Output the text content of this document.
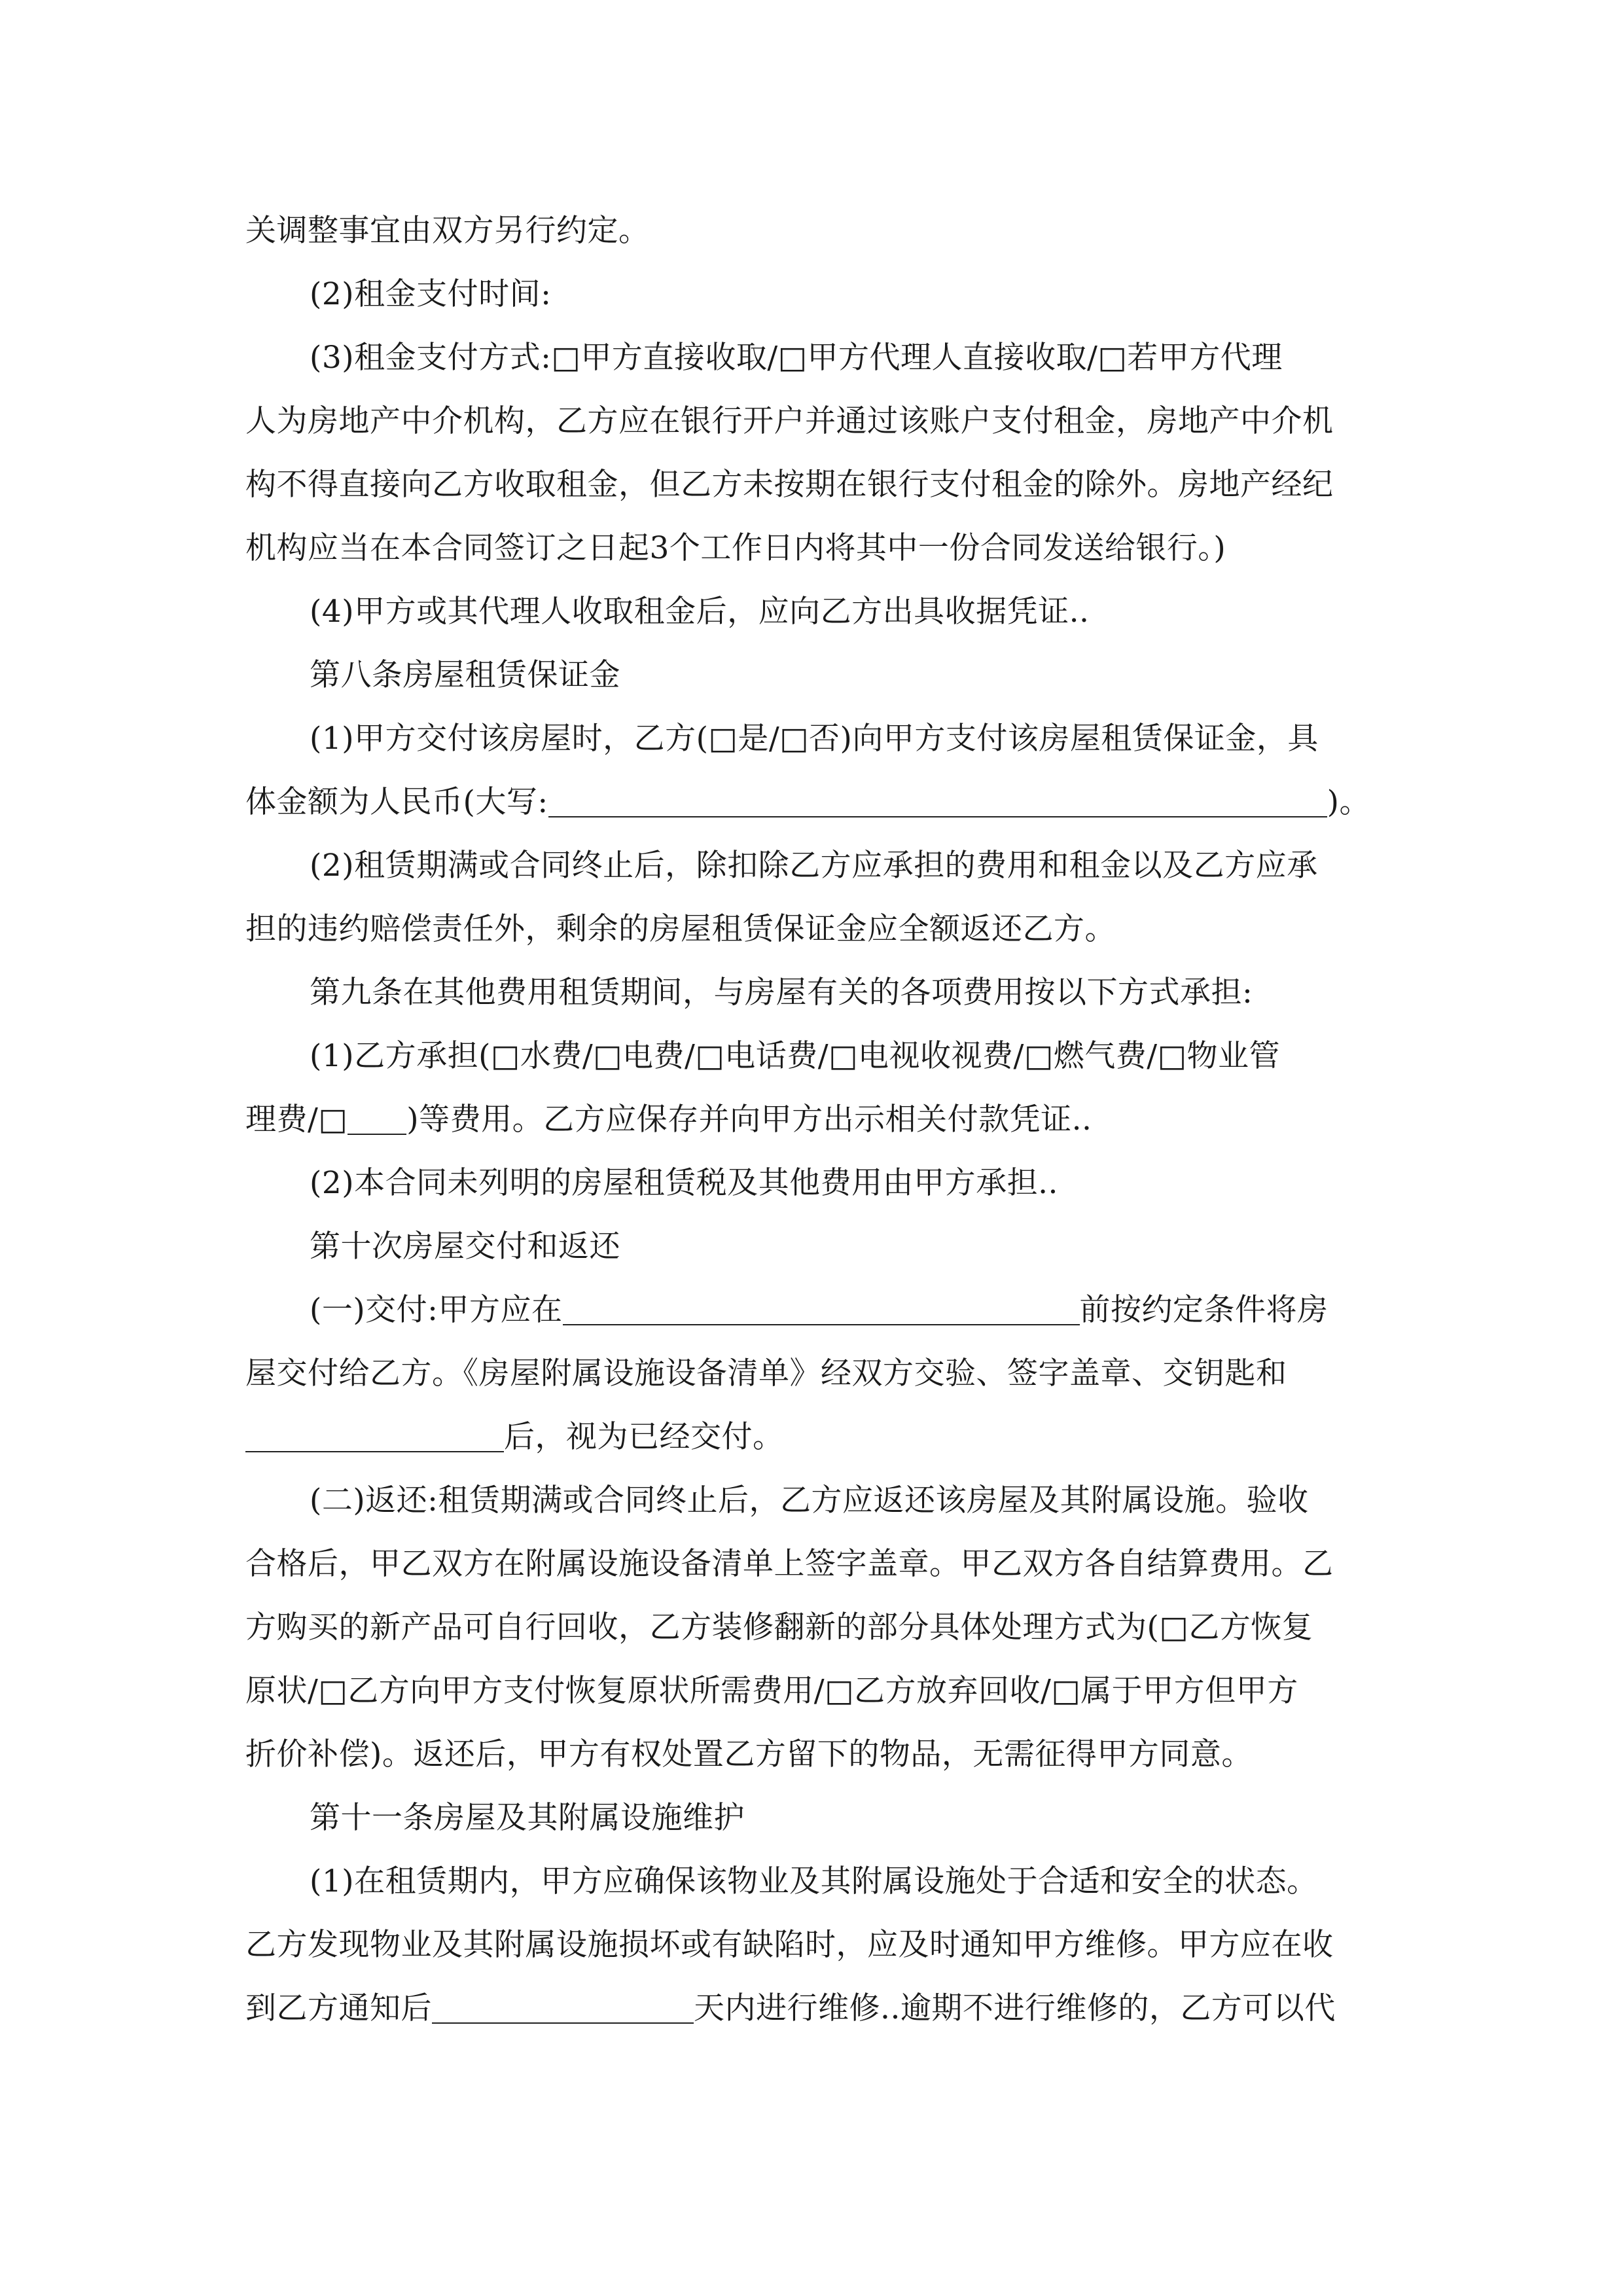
关调整事宜由双方另行约定。
(2)租金支付时间:
(3)租金支付方式:□甲方直接收取/□甲方代理人直接收取/□若甲方代理
人为房地产中介机构，乙方应在银行开户并通过该账户支付租金，房地产中介机
构不得直接向乙方收取租金，但乙方未按期在银行支付租金的除外。房地产经纪
机构应当在本合同签订之日起3个工作日内将其中一份合同发送给银行。)
(4)甲方或其代理人收取租金后，应向乙方出具收据凭证..
第八条房屋租赁保证金
(1)甲方交付该房屋时，乙方(□是/□否)向甲方支付该房屋租赁保证金，具
体金额为人民币(大写:	)。
(2)租赁期满或合同终止后，除扣除乙方应承担的费用和租金以及乙方应承
担的违约赔偿责任外，剩余的房屋租赁保证金应全额返还乙方。
第九条在其他费用租赁期间，与房屋有关的各项费用按以下方式承担:
(1)乙方承担(□水费/□电费/□电话费/□电视收视费/□燃气费/□物业管
理费/□ )等费用。乙方应保存并向甲方出示相关付款凭证..
(2)本合同未列明的房屋租赁税及其他费用由甲方承担..
第十次房屋交付和返还
(一)交付:甲方应在	前按约定条件将房
屋交付给乙方。《房屋附属设施设备清单》经双方交验、签字盖章、交钥匙和
后，视为已经交付。
(二)返还:租赁期满或合同终止后，乙方应返还该房屋及其附属设施。验收
合格后，甲乙双方在附属设施设备清单上签字盖章。甲乙双方各自结算费用。乙
方购买的新产品可自行回收，乙方装修翻新的部分具体处理方式为(□乙方恢复
原状/□乙方向甲方支付恢复原状所需费用/□乙方放弃回收/□属于甲方但甲方
折价补偿)。返还后，甲方有权处置乙方留下的物品，无需征得甲方同意。
第十一条房屋及其附属设施维护
(1)在租赁期内，甲方应确保该物业及其附属设施处于合适和安全的状态。
乙方发现物业及其附属设施损坏或有缺陷时，应及时通知甲方维修。甲方应在收
到乙方通知后	天内进行维修..逾期不进行维修的，乙方可以代
